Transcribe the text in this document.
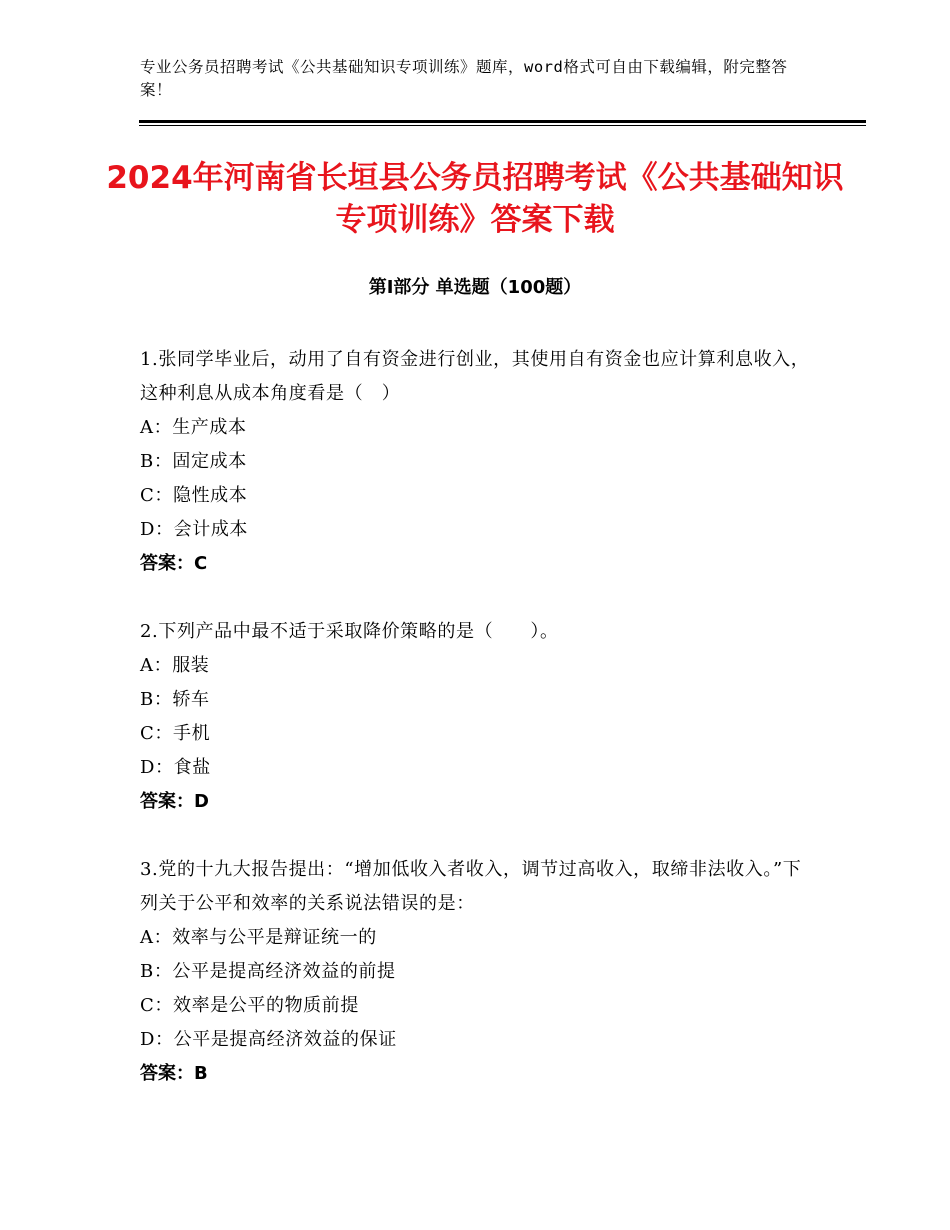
专业公务员招聘考试《公共基础知识专项训练》题库，word格式可自由下载编辑，附完整答案！
2024年河南省长垣县公务员招聘考试《公共基础知识专项训练》答案下载
第Ⅰ部分 单选题（100题）
1.张同学毕业后，动用了自有资金进行创业，其使用自有资金也应计算利息收入，这种利息从成本角度看是（　）
A：生产成本
B：固定成本
C：隐性成本
D：会计成本
答案：C
2.下列产品中最不适于采取降价策略的是（　　）。
A：服装
B：轿车
C：手机
D：食盐
答案：D
3.党的十九大报告提出：“增加低收入者收入，调节过高收入，取缔非法收入。”下列关于公平和效率的关系说法错误的是：
A：效率与公平是辩证统一的
B：公平是提高经济效益的前提
C：效率是公平的物质前提
D：公平是提高经济效益的保证
答案：B
